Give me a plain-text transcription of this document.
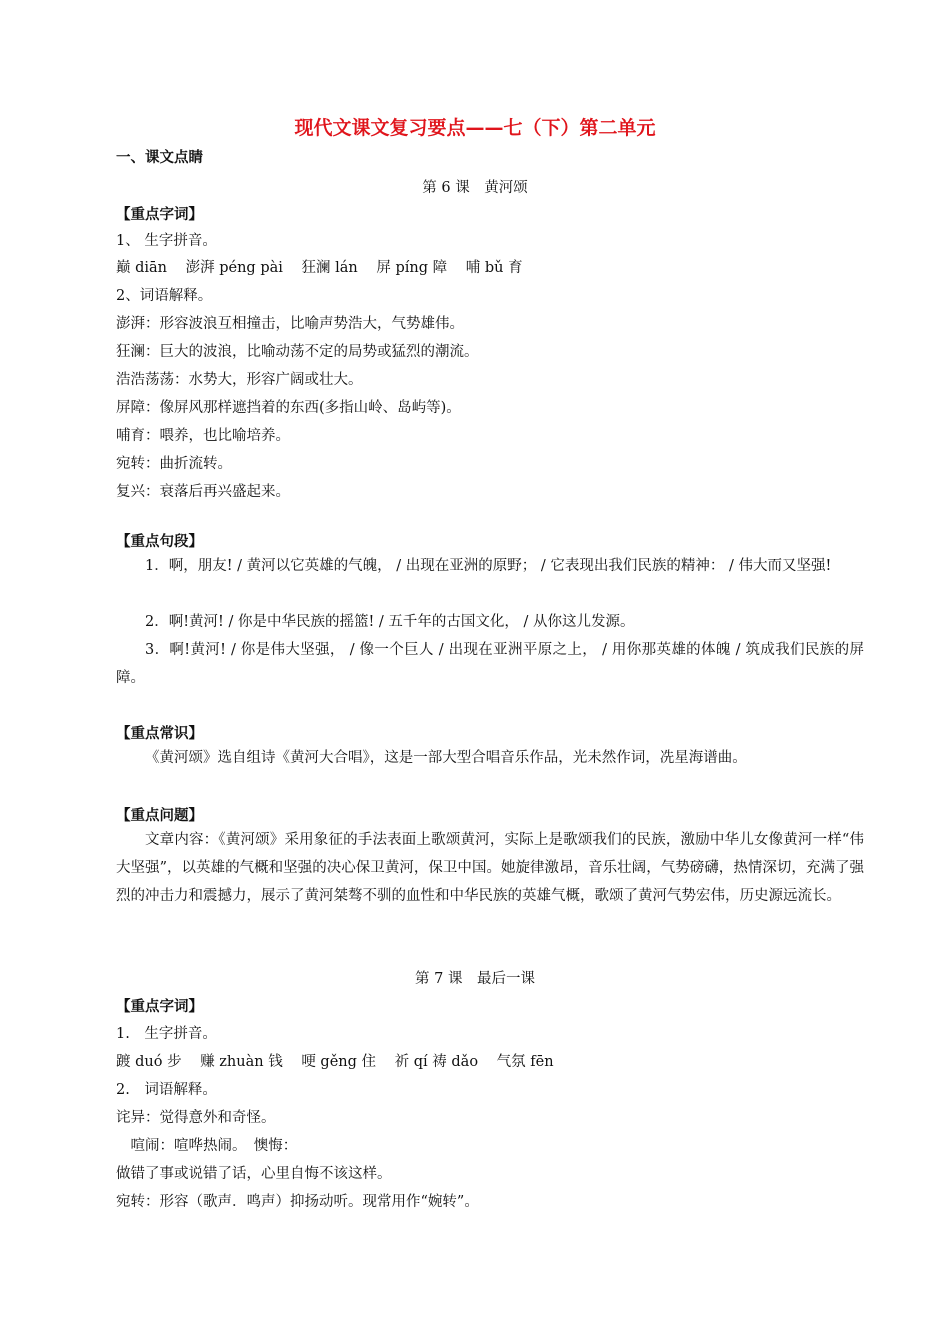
现代文课文复习要点——七（下）第二单元
一、课文点睛
第 6 课　黄河颂
【重点字词】
1、 生字拼音。
巅 diān 澎湃 péng pài 狂澜 lán 屏 píng 障 哺 bǔ 育
2、词语解释。
澎湃：形容波浪互相撞击，比喻声势浩大，气势雄伟。
狂澜：巨大的波浪，比喻动荡不定的局势或猛烈的潮流。
浩浩荡荡：水势大，形容广阔或壮大。
屏障：像屏风那样遮挡着的东西(多指山岭、岛屿等)。
哺育：喂养，也比喻培养。
宛转：曲折流转。
复兴：衰落后再兴盛起来。
【重点句段】
1．啊，朋友! / 黄河以它英雄的气魄， / 出现在亚洲的原野； / 它表现出我们民族的精神： / 伟大而又坚强!
2．啊!黄河! / 你是中华民族的摇篮! / 五千年的古国文化， / 从你这儿发源。
3．啊!黄河! / 你是伟大坚强， / 像一个巨人 / 出现在亚洲平原之上， / 用你那英雄的体魄 / 筑成我们民族的屏障。
【重点常识】
《黄河颂》选自组诗《黄河大合唱》，这是一部大型合唱音乐作品，光未然作词，冼星海谱曲。
【重点问题】
文章内容：《黄河颂》采用象征的手法表面上歌颂黄河，实际上是歌颂我们的民族，激励中华儿女像黄河一样“伟大坚强”，以英雄的气概和坚强的决心保卫黄河，保卫中国。她旋律激昂，音乐壮阔，气势磅礴，热情深切，充满了强烈的冲击力和震撼力，展示了黄河桀骜不驯的血性和中华民族的英雄气概，歌颂了黄河气势宏伟，历史源远流长。
第 7 课　最后一课
【重点字词】
1.　生字拼音。
踱 duó 步 赚 zhuàn 钱 哽 gěng 住 祈 qí 祷 dǎo 气氛 fēn
2.　词语解释。
诧异：觉得意外和奇怪。
　喧闹：喧哗热闹。　懊悔：
做错了事或说错了话，心里自悔不该这样。
宛转：形容（歌声．鸣声）抑扬动听。现常用作“婉转”。
